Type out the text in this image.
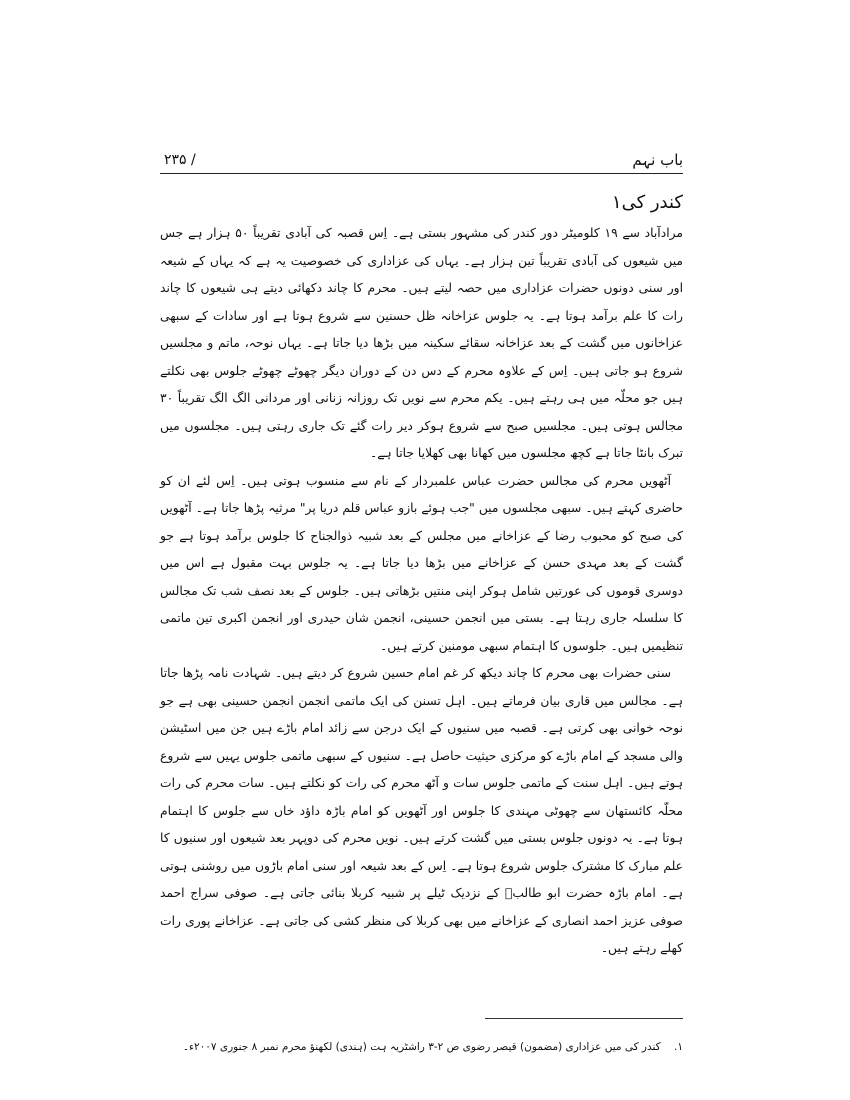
باب نہم
۲۳۵ /
کندر کی۱

مرادآباد سے ۱۹ کلومیٹر دور کندر کی مشہور بستی ہے۔ اِس قصبہ کی آبادی تقریباً ۵۰ ہزار ہے جس میں شیعوں کی آبادی تقریباً تین ہزار ہے۔ یہاں کی عزاداری کی خصوصیت یہ ہے کہ یہاں کے شیعہ اور سنی دونوں حضرات عزاداری میں حصہ لیتے ہیں۔ محرم کا چاند دکھائی دیتے ہی شیعوں کا چاند رات کا علم برآمد ہوتا ہے۔ یہ جلوس عزاخانہ ظل حسنین سے شروع ہوتا ہے اور سادات کے سبھی عزاخانوں میں گشت کے بعد عزاخانہ سقائے سکینہ میں بڑھا دیا جاتا ہے۔ یہاں نوحہ، ماتم و مجلسیں شروع ہو جاتی ہیں۔ اِس کے علاوہ محرم کے دس دن کے دوران دیگر چھوٹے چھوٹے جلوس بھی نکلتے ہیں جو محلّہ میں ہی رہتے ہیں۔ یکم محرم سے نویں تک روزانہ زنانی اور مردانی الگ الگ تقریباً ۳۰ مجالس ہوتی ہیں۔ مجلسیں صبح سے شروع ہوکر دیر رات گئے تک جاری رہتی ہیں۔ مجلسوں میں تبرک بانٹا جاتا ہے کچھ مجلسوں میں کھانا بھی کھلایا جاتا ہے۔

آٹھویں محرم کی مجالس حضرت عباس علمبردار کے نام سے منسوب ہوتی ہیں۔ اِس لئے ان کو حاضری کہتے ہیں۔ سبھی مجلسوں میں "جب ہوئے بازو عباس قلم دریا پر" مرثیہ پڑھا جاتا ہے۔ آٹھویں کی صبح کو محبوب رضا کے عزاخانے میں مجلس کے بعد شبیہ ذوالجناح کا جلوس برآمد ہوتا ہے جو گشت کے بعد مہدی حسن کے عزاخانے میں بڑھا دیا جاتا ہے۔ یہ جلوس بہت مقبول ہے اس میں دوسری قوموں کی عورتیں شامل ہوکر اپنی منتیں بڑھاتی ہیں۔ جلوس کے بعد نصف شب تک مجالس کا سلسلہ جاری رہتا ہے۔ بستی میں انجمن حسینی، انجمن شان حیدری اور انجمن اکبری تین ماتمی تنظیمیں ہیں۔ جلوسوں کا اہتمام سبھی مومنین کرتے ہیں۔

سنی حضرات بھی محرم کا چاند دیکھ کر غم امام حسین شروع کر دیتے ہیں۔ شہادت نامہ پڑھا جاتا ہے۔ مجالس میں قاری بیان فرماتے ہیں۔ اہل تسنن کی ایک ماتمی انجمن انجمن حسینی بھی ہے جو نوحہ خوانی بھی کرتی ہے۔ قصبہ میں سنیوں کے ایک درجن سے زائد امام باڑے ہیں جن میں اسٹیشن والی مسجد کے امام باڑے کو مرکزی حیثیت حاصل ہے۔ سنیوں کے سبھی ماتمی جلوس یہیں سے شروع ہوتے ہیں۔ اہل سنت کے ماتمی جلوس سات و آٹھ محرم کی رات کو نکلتے ہیں۔ سات محرم کی رات محلّہ کائستھان سے چھوٹی مہندی کا جلوس اور آٹھویں کو امام باڑہ داؤد خاں سے جلوس کا اہتمام ہوتا ہے۔ یہ دونوں جلوس بستی میں گشت کرتے ہیں۔ نویں محرم کی دوپہر بعد شیعوں اور سنیوں کا علم مبارک کا مشترک جلوس شروع ہوتا ہے۔ اِس کے بعد شیعہ اور سنی امام باڑوں میں روشنی ہوتی ہے۔ امام باڑہ حضرت ابو طالبؑ کے نزدیک ٹیلے پر شبیہ کربلا بنائی جاتی ہے۔ صوفی سراج احمد صوفی عزیز احمد انصاری کے عزاخانے میں بھی کربلا کی منظر کشی کی جاتی ہے۔ عزاخانے پوری رات کھلے رہتے ہیں۔

۱. کندر کی میں عزاداری (مضمون) قیصر رضوی ص ۲-۳ راشٹریہ ہت (ہندی) لکھنؤ محرم نمبر ۸ جنوری ۲۰۰۷ء۔
